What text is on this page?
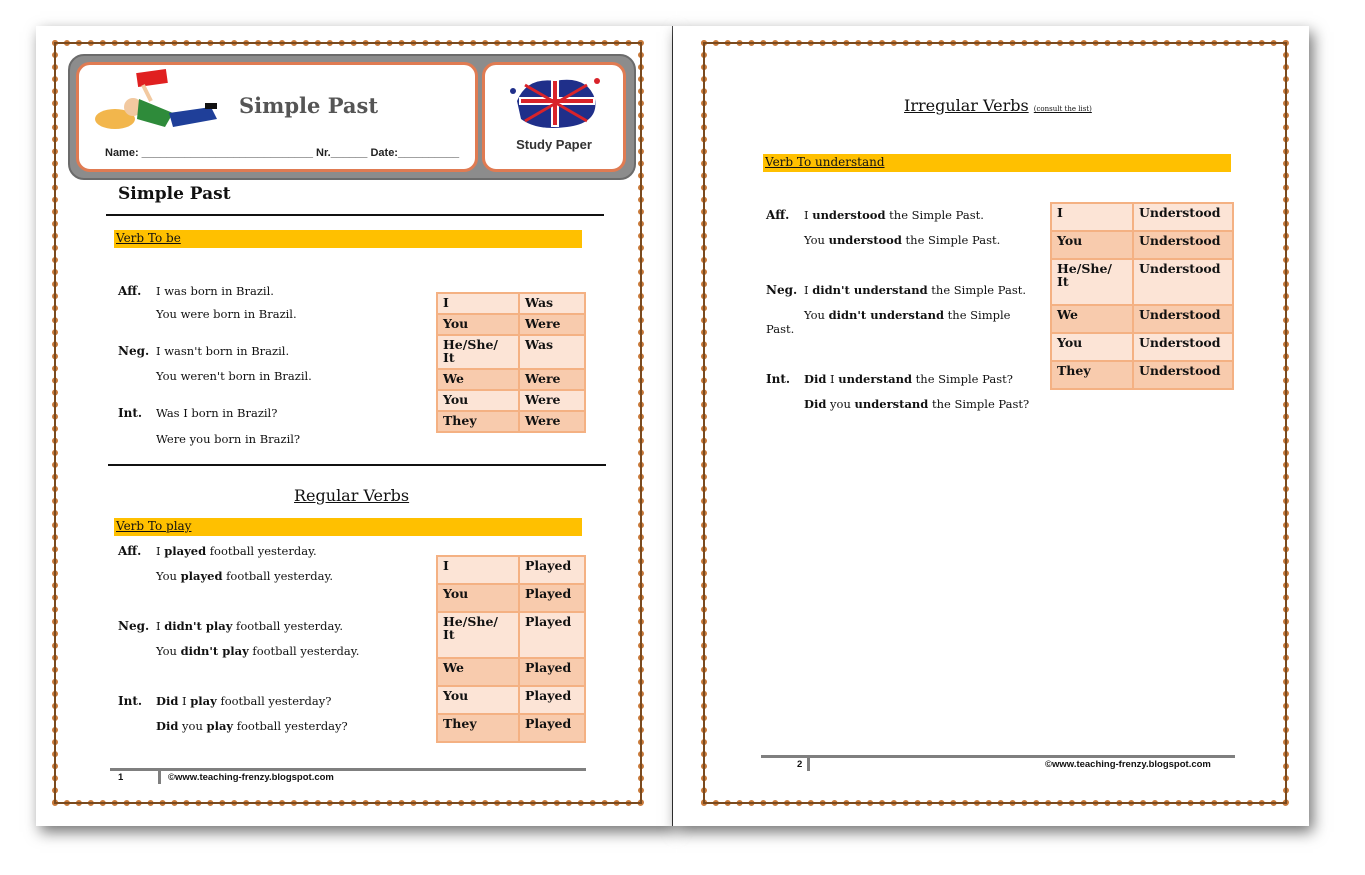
Simple Past
Name: ____________________________ Nr.______ Date:__________
Study Paper
Simple Past
Verb To be
Aff. I was born in Brazil.
You were born in Brazil.
Neg. I wasn't born in Brazil.
You weren't born in Brazil.
Int. Was I born in Brazil?
Were you born in Brazil?
I	Was
You	Were
He/She/ It	Was
We	Were
You	Were
They	Were
Regular Verbs
Verb To play
Aff. I played football yesterday.
You played football yesterday.
Neg. I didn't play football yesterday.
You didn't play football yesterday.
Int. Did I play football yesterday?
Did you play football yesterday?
I	Played
You	Played
He/She/ It	Played
We	Played
You	Played
They	Played
1	©www.teaching-frenzy.blogspot.com
Irregular Verbs (consult the list)
Verb To understand
Aff. I understood the Simple Past.
You understood the Simple Past.
Neg. I didn't understand the Simple Past.
You didn't understand the Simple
Past.
Int. Did I understand the Simple Past?
Did you understand the Simple Past?
I	Understood
You	Understood
He/She/ It	Understood
We	Understood
You	Understood
They	Understood
2	©www.teaching-frenzy.blogspot.com
